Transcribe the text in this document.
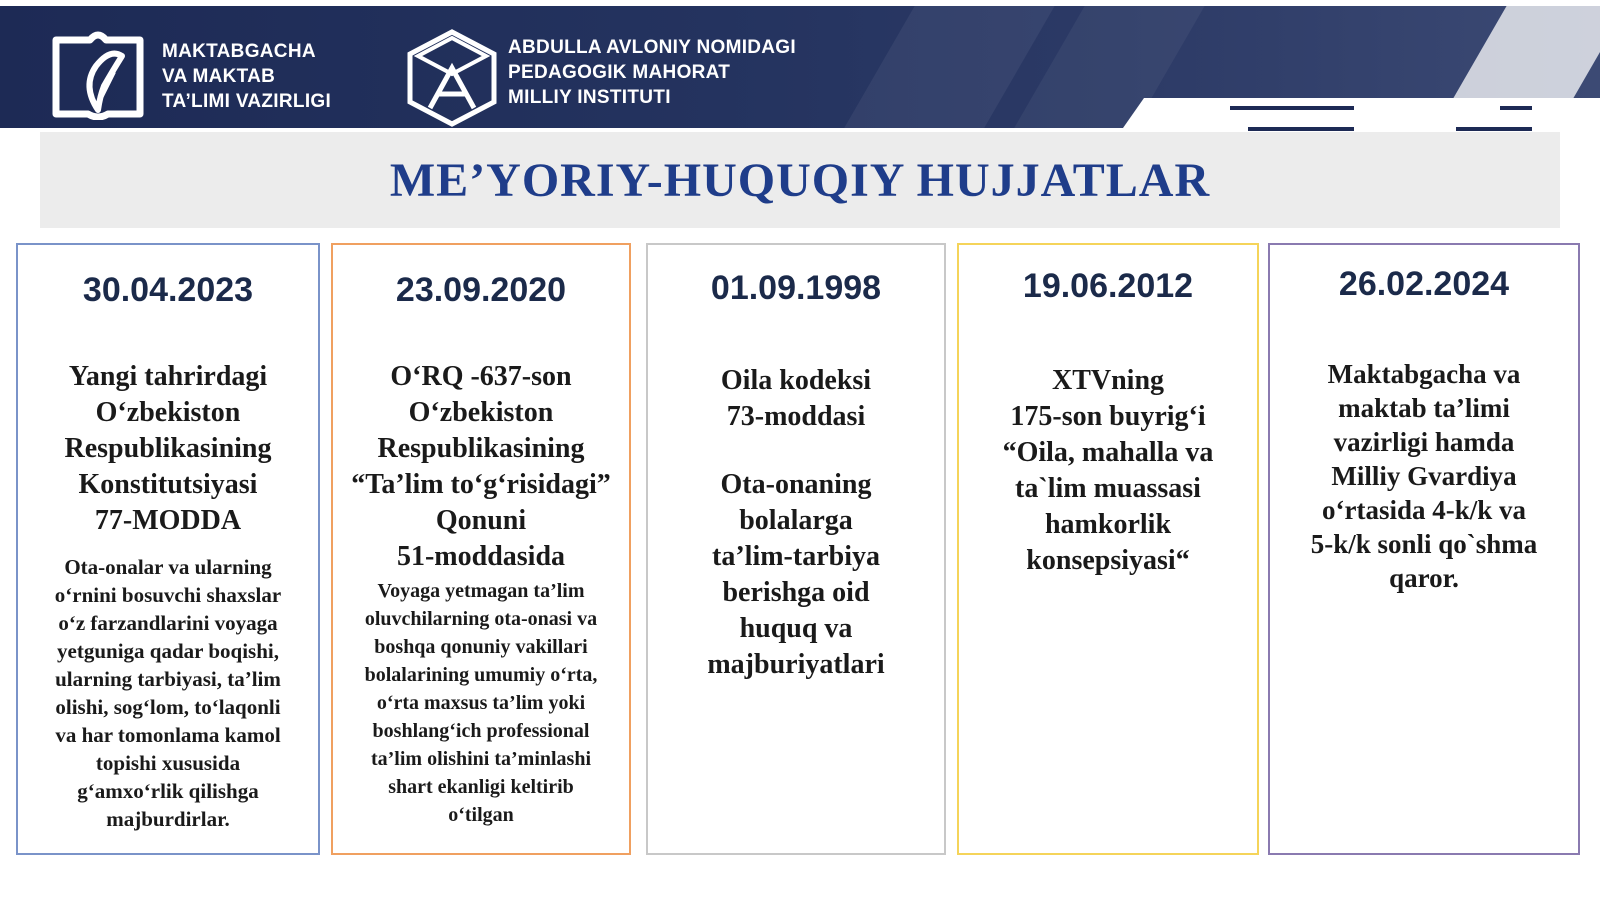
MAKTABGACHA
VA MAKTAB
TA’LIMI VAZIRLIGI
ABDULLA AVLONIY NOMIDAGI
PEDAGOGIK MAHORAT
MILLIY INSTITUTI
ME’YORIY-HUQUQIY HUJJATLAR
30.04.2023
Yangi tahrirdagi
O‘zbekiston
Respublikasining
Konstitutsiyasi
77-MODDA
Ota-onalar va ularning
o‘rnini bosuvchi shaxslar
o‘z farzandlarini voyaga
yetguniga qadar boqishi,
ularning tarbiyasi, ta’lim
olishi, sog‘lom, to‘laqonli
va har tomonlama kamol
topishi xususida
g‘amxo‘rlik qilishga
majburdirlar.
23.09.2020
O‘RQ -637-son
O‘zbekiston
Respublikasining
“Ta’lim to‘g‘risidagi”
Qonuni
51-moddasida
Voyaga yetmagan ta’lim
oluvchilarning ota-onasi va
boshqa qonuniy vakillari
bolalarining umumiy o‘rta,
o‘rta maxsus ta’lim yoki
boshlang‘ich professional
ta’lim olishini ta’minlashi
shart ekanligi keltirib
o‘tilgan
01.09.1998
Oila kodeksi
73-moddasi
Ota-onaning
bolalarga
ta’lim-tarbiya
berishga oid
huquq va
majburiyatlari
19.06.2012
XTVning
175-son buyrig‘i
“Oila, mahalla va
ta`lim muassasi
hamkorlik
konsepsiyasi“
26.02.2024
Maktabgacha va
maktab ta’limi
vazirligi hamda
Milliy Gvardiya
o‘rtasida 4-k/k va
5-k/k sonli qo`shma
qaror.
